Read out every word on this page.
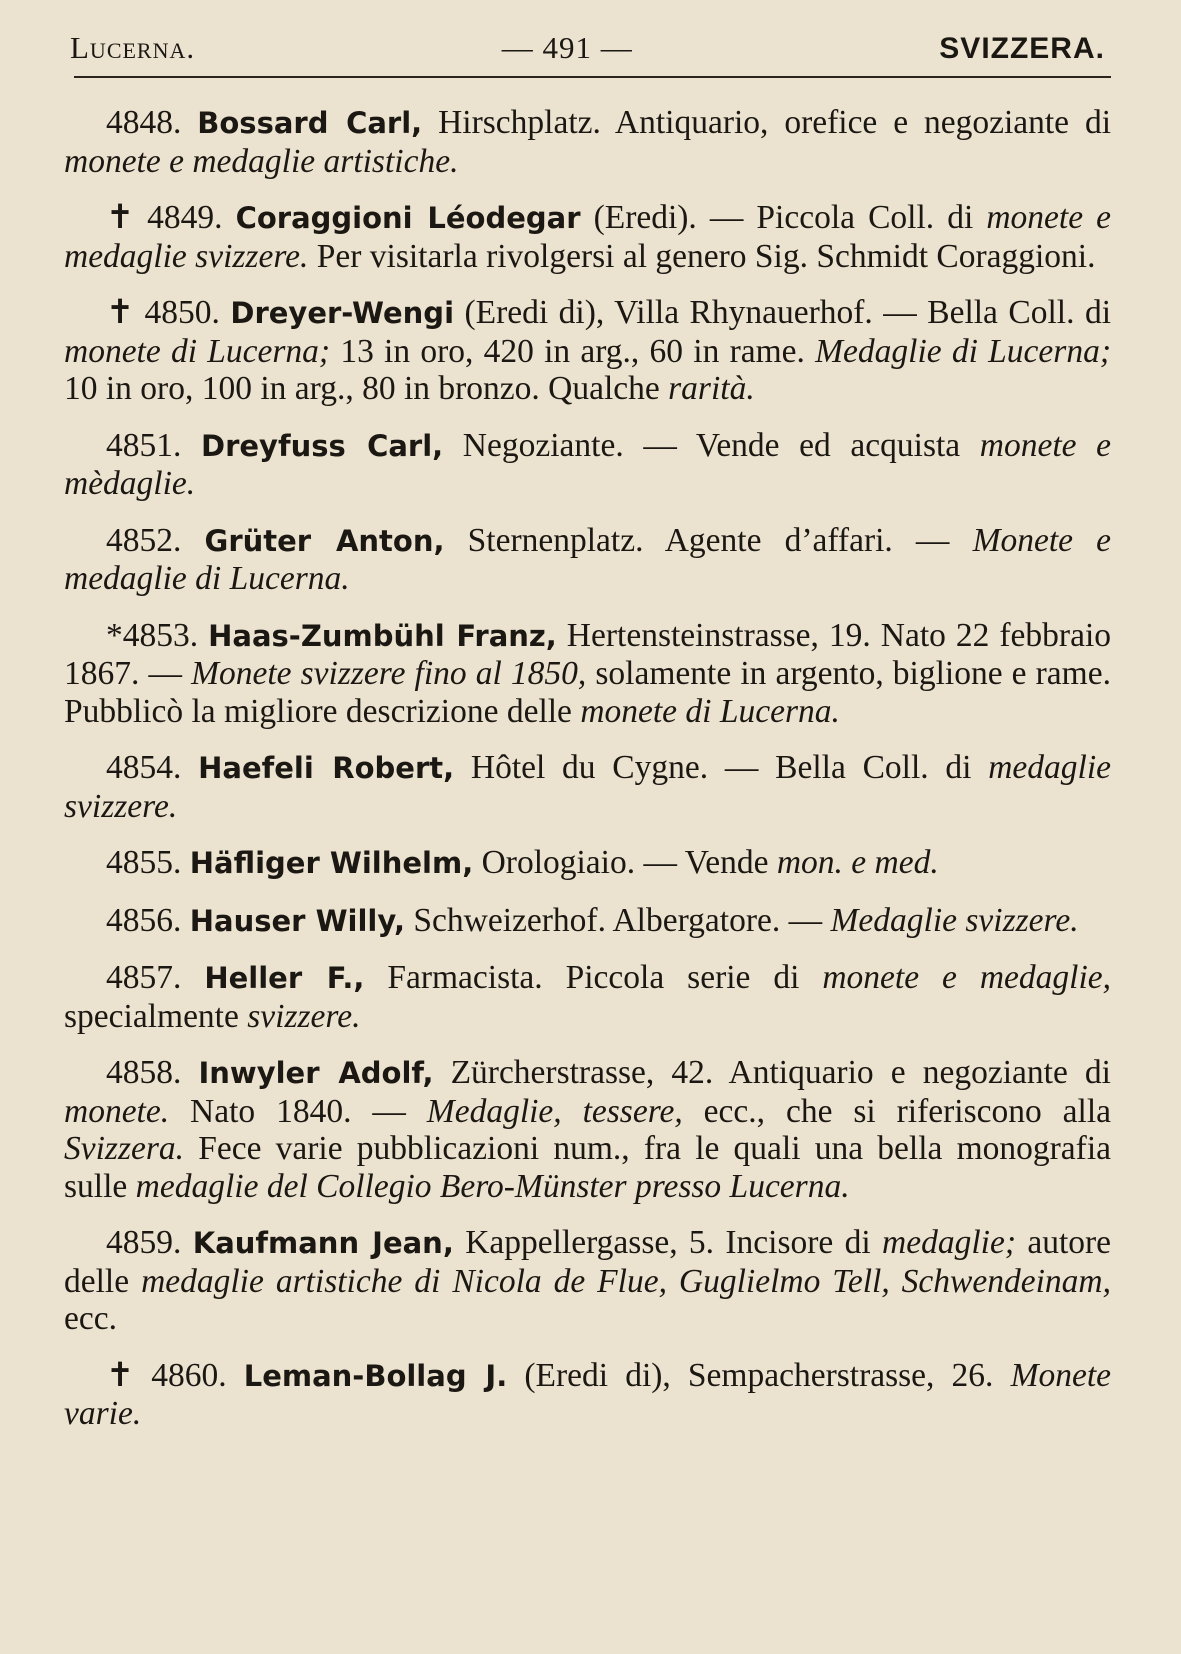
Lucerna.	— 491 —	SVIZZERA.
4848. Bossard Carl, Hirschplatz. Antiquario, orefice e negoziante di monete e medaglie artistiche.
✝ 4849. Coraggioni Léodegar (Eredi). — Piccola Coll. di monete e medaglie svizzere. Per visitarla rivolgersi al genero Sig. Schmidt Coraggioni.
✝ 4850. Dreyer-Wengi (Eredi di), Villa Rhynauerhof. — Bella Coll. di monete di Lucerna; 13 in oro, 420 in arg., 60 in rame. Medaglie di Lucerna; 10 in oro, 100 in arg., 80 in bronzo. Qualche rarità.
4851. Dreyfuss Carl, Negoziante. — Vende ed acquista monete e mèdaglie.
4852. Grüter Anton, Sternenplatz. Agente d’affari. — Monete e medaglie di Lucerna.
*4853. Haas-Zumbühl Franz, Hertensteinstrasse, 19. Nato 22 febbraio 1867. — Monete svizzere fino al 1850, solamente in argento, biglione e rame. Pubblicò la migliore descrizione delle monete di Lucerna.
4854. Haefeli Robert, Hôtel du Cygne. — Bella Coll. di medaglie svizzere.
4855. Häfliger Wilhelm, Orologiaio. — Vende mon. e med.
4856. Hauser Willy, Schweizerhof. Albergatore. — Medaglie svizzere.
4857. Heller F., Farmacista. Piccola serie di monete e medaglie, specialmente svizzere.
4858. Inwyler Adolf, Zürcherstrasse, 42. Antiquario e negoziante di monete. Nato 1840. — Medaglie, tessere, ecc., che si riferiscono alla Svizzera. Fece varie pubblicazioni num., fra le quali una bella monografia sulle medaglie del Collegio Bero-Münster presso Lucerna.
4859. Kaufmann Jean, Kappellergasse, 5. Incisore di medaglie; autore delle medaglie artistiche di Nicola de Flue, Guglielmo Tell, Schwendeinam, ecc.
✝ 4860. Leman-Bollag J. (Eredi di), Sempacherstrasse, 26. Monete varie.
